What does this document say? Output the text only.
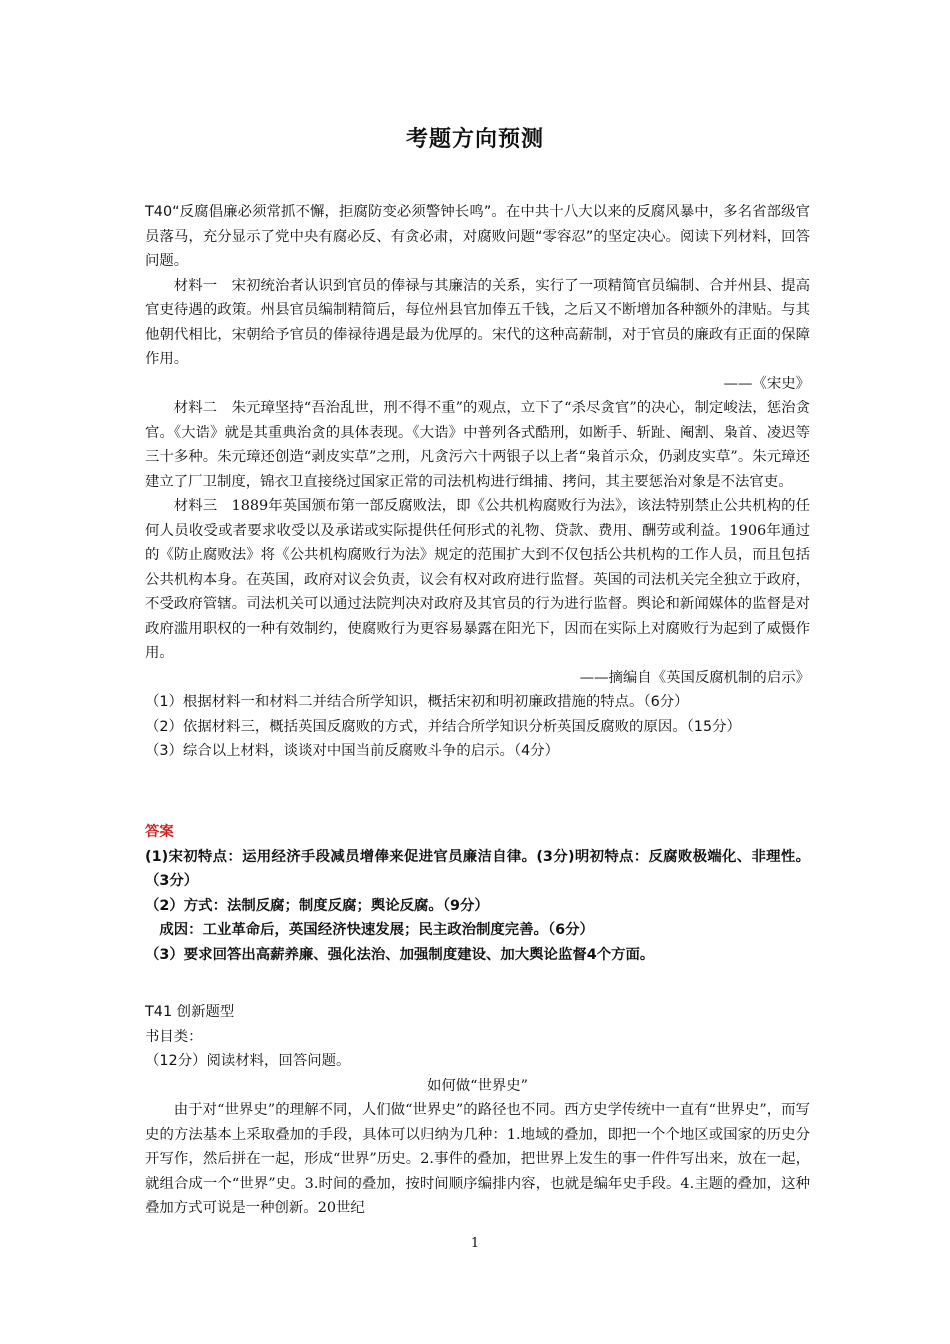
考题方向预测

T40“反腐倡廉必须常抓不懈，拒腐防变必须警钟长鸣”。在中共十八大以来的反腐风暴中，多名省部级官员落马，充分显示了党中央有腐必反、有贪必肃，对腐败问题“零容忍”的坚定决心。阅读下列材料，回答问题。

材料一　宋初统治者认识到官员的俸禄与其廉洁的关系，实行了一项精简官员编制、合并州县、提高官吏待遇的政策。州县官员编制精简后，每位州县官加俸五千钱，之后又不断增加各种额外的津贴。与其他朝代相比，宋朝给予官员的俸禄待遇是最为优厚的。宋代的这种高薪制，对于官员的廉政有正面的保障作用。

——《宋史》

材料二　朱元璋坚持“吾治乱世，刑不得不重”的观点，立下了“杀尽贪官”的决心，制定峻法，惩治贪官。《大诰》就是其重典治贪的具体表现。《大诰》中普列各式酷刑，如断手、斩趾、阉割、枭首、凌迟等三十多种。朱元璋还创造“剥皮实草”之刑，凡贪污六十两银子以上者“枭首示众，仍剥皮实草”。朱元璋还建立了厂卫制度，锦衣卫直接绕过国家正常的司法机构进行缉捕、拷问，其主要惩治对象是不法官吏。

材料三　1889年英国颁布第一部反腐败法，即《公共机构腐败行为法》，该法特别禁止公共机构的任何人员收受或者要求收受以及承诺或实际提供任何形式的礼物、贷款、费用、酬劳或利益。1906年通过的《防止腐败法》将《公共机构腐败行为法》规定的范围扩大到不仅包括公共机构的工作人员，而且包括公共机构本身。在英国，政府对议会负责，议会有权对政府进行监督。英国的司法机关完全独立于政府，不受政府管辖。司法机关可以通过法院判决对政府及其官员的行为进行监督。舆论和新闻媒体的监督是对政府滥用职权的一种有效制约，使腐败行为更容易暴露在阳光下，因而在实际上对腐败行为起到了威慑作用。

——摘编自《英国反腐机制的启示》

（1）根据材料一和材料二并结合所学知识，概括宋初和明初廉政措施的特点。（6分）

（2）依据材料三，概括英国反腐败的方式，并结合所学知识分析英国反腐败的原因。（15分）

（3）综合以上材料，谈谈对中国当前反腐败斗争的启示。（4分）

答案

(1)宋初特点：运用经济手段减员增俸来促进官员廉洁自律。(3分)明初特点：反腐败极端化、非理性。（3分）

（2）方式：法制反腐；制度反腐；舆论反腐。（9分）

成因：工业革命后，英国经济快速发展；民主政治制度完善。（6分）

（3）要求回答出高薪养廉、强化法治、加强制度建设、加大舆论监督4个方面。

T41 创新题型

书目类：

（12分）阅读材料，回答问题。

如何做“世界史”

由于对“世界史”的理解不同，人们做“世界史”的路径也不同。西方史学传统中一直有“世界史”，而写史的方法基本上采取叠加的手段，具体可以归纳为几种：1.地域的叠加，即把一个个地区或国家的历史分开写作，然后拼在一起，形成“世界”历史。2.事件的叠加，把世界上发生的事一件件写出来，放在一起，就组合成一个“世界”史。3.时间的叠加，按时间顺序编排内容，也就是编年史手段。4.主题的叠加，这种叠加方式可说是一种创新。20世纪

1
